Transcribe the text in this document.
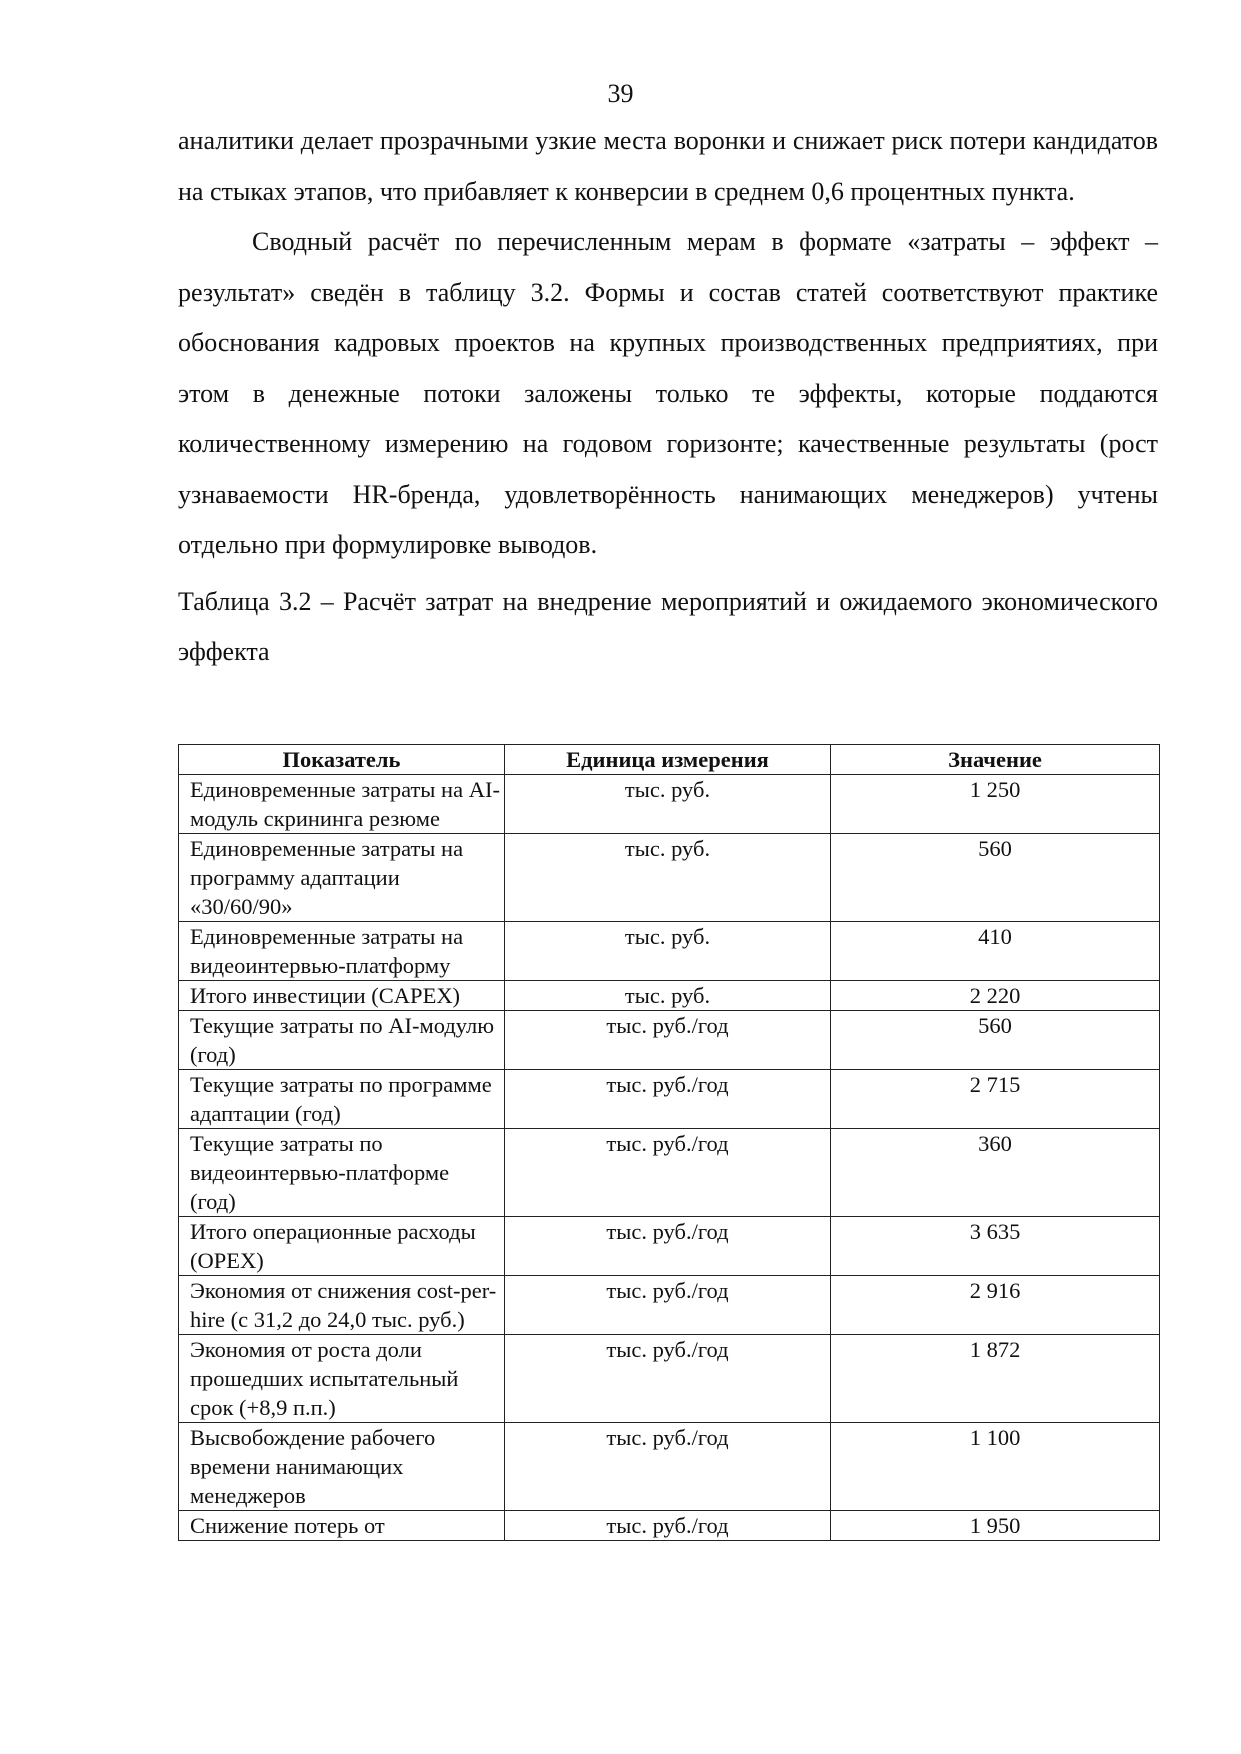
39

аналитики делает прозрачными узкие места воронки и снижает риск потери кандидатов на стыках этапов, что прибавляет к конверсии в среднем 0,6 процентных пункта.

Сводный расчёт по перечисленным мерам в формате «затраты – эффект – результат» сведён в таблицу 3.2. Формы и состав статей соответствуют практике обоснования кадровых проектов на крупных производственных предприятиях, при этом в денежные потоки заложены только те эффекты, которые поддаются количественному измерению на годовом горизонте; качественные результаты (рост узнаваемости HR-бренда, удовлетворённость нанимающих менеджеров) учтены отдельно при формулировке выводов.

Таблица 3.2 – Расчёт затрат на внедрение мероприятий и ожидаемого экономического эффекта

Показатель	Единица измерения	Значение
Единовременные затраты на AI-модуль скрининга резюме	тыс. руб.	1 250
Единовременные затраты на программу адаптации «30/60/90»	тыс. руб.	560
Единовременные затраты на видеоинтервью-платформу	тыс. руб.	410
Итого инвестиции (CAPEX)	тыс. руб.	2 220
Текущие затраты по AI-модулю (год)	тыс. руб./год	560
Текущие затраты по программе адаптации (год)	тыс. руб./год	2 715
Текущие затраты по видеоинтервью-платформе (год)	тыс. руб./год	360
Итого операционные расходы (OPEX)	тыс. руб./год	3 635
Экономия от снижения cost-per-hire (с 31,2 до 24,0 тыс. руб.)	тыс. руб./год	2 916
Экономия от роста доли прошедших испытательный срок (+8,9 п.п.)	тыс. руб./год	1 872
Высвобождение рабочего времени нанимающих менеджеров	тыс. руб./год	1 100
Снижение потерь от	тыс. руб./год	1 950
